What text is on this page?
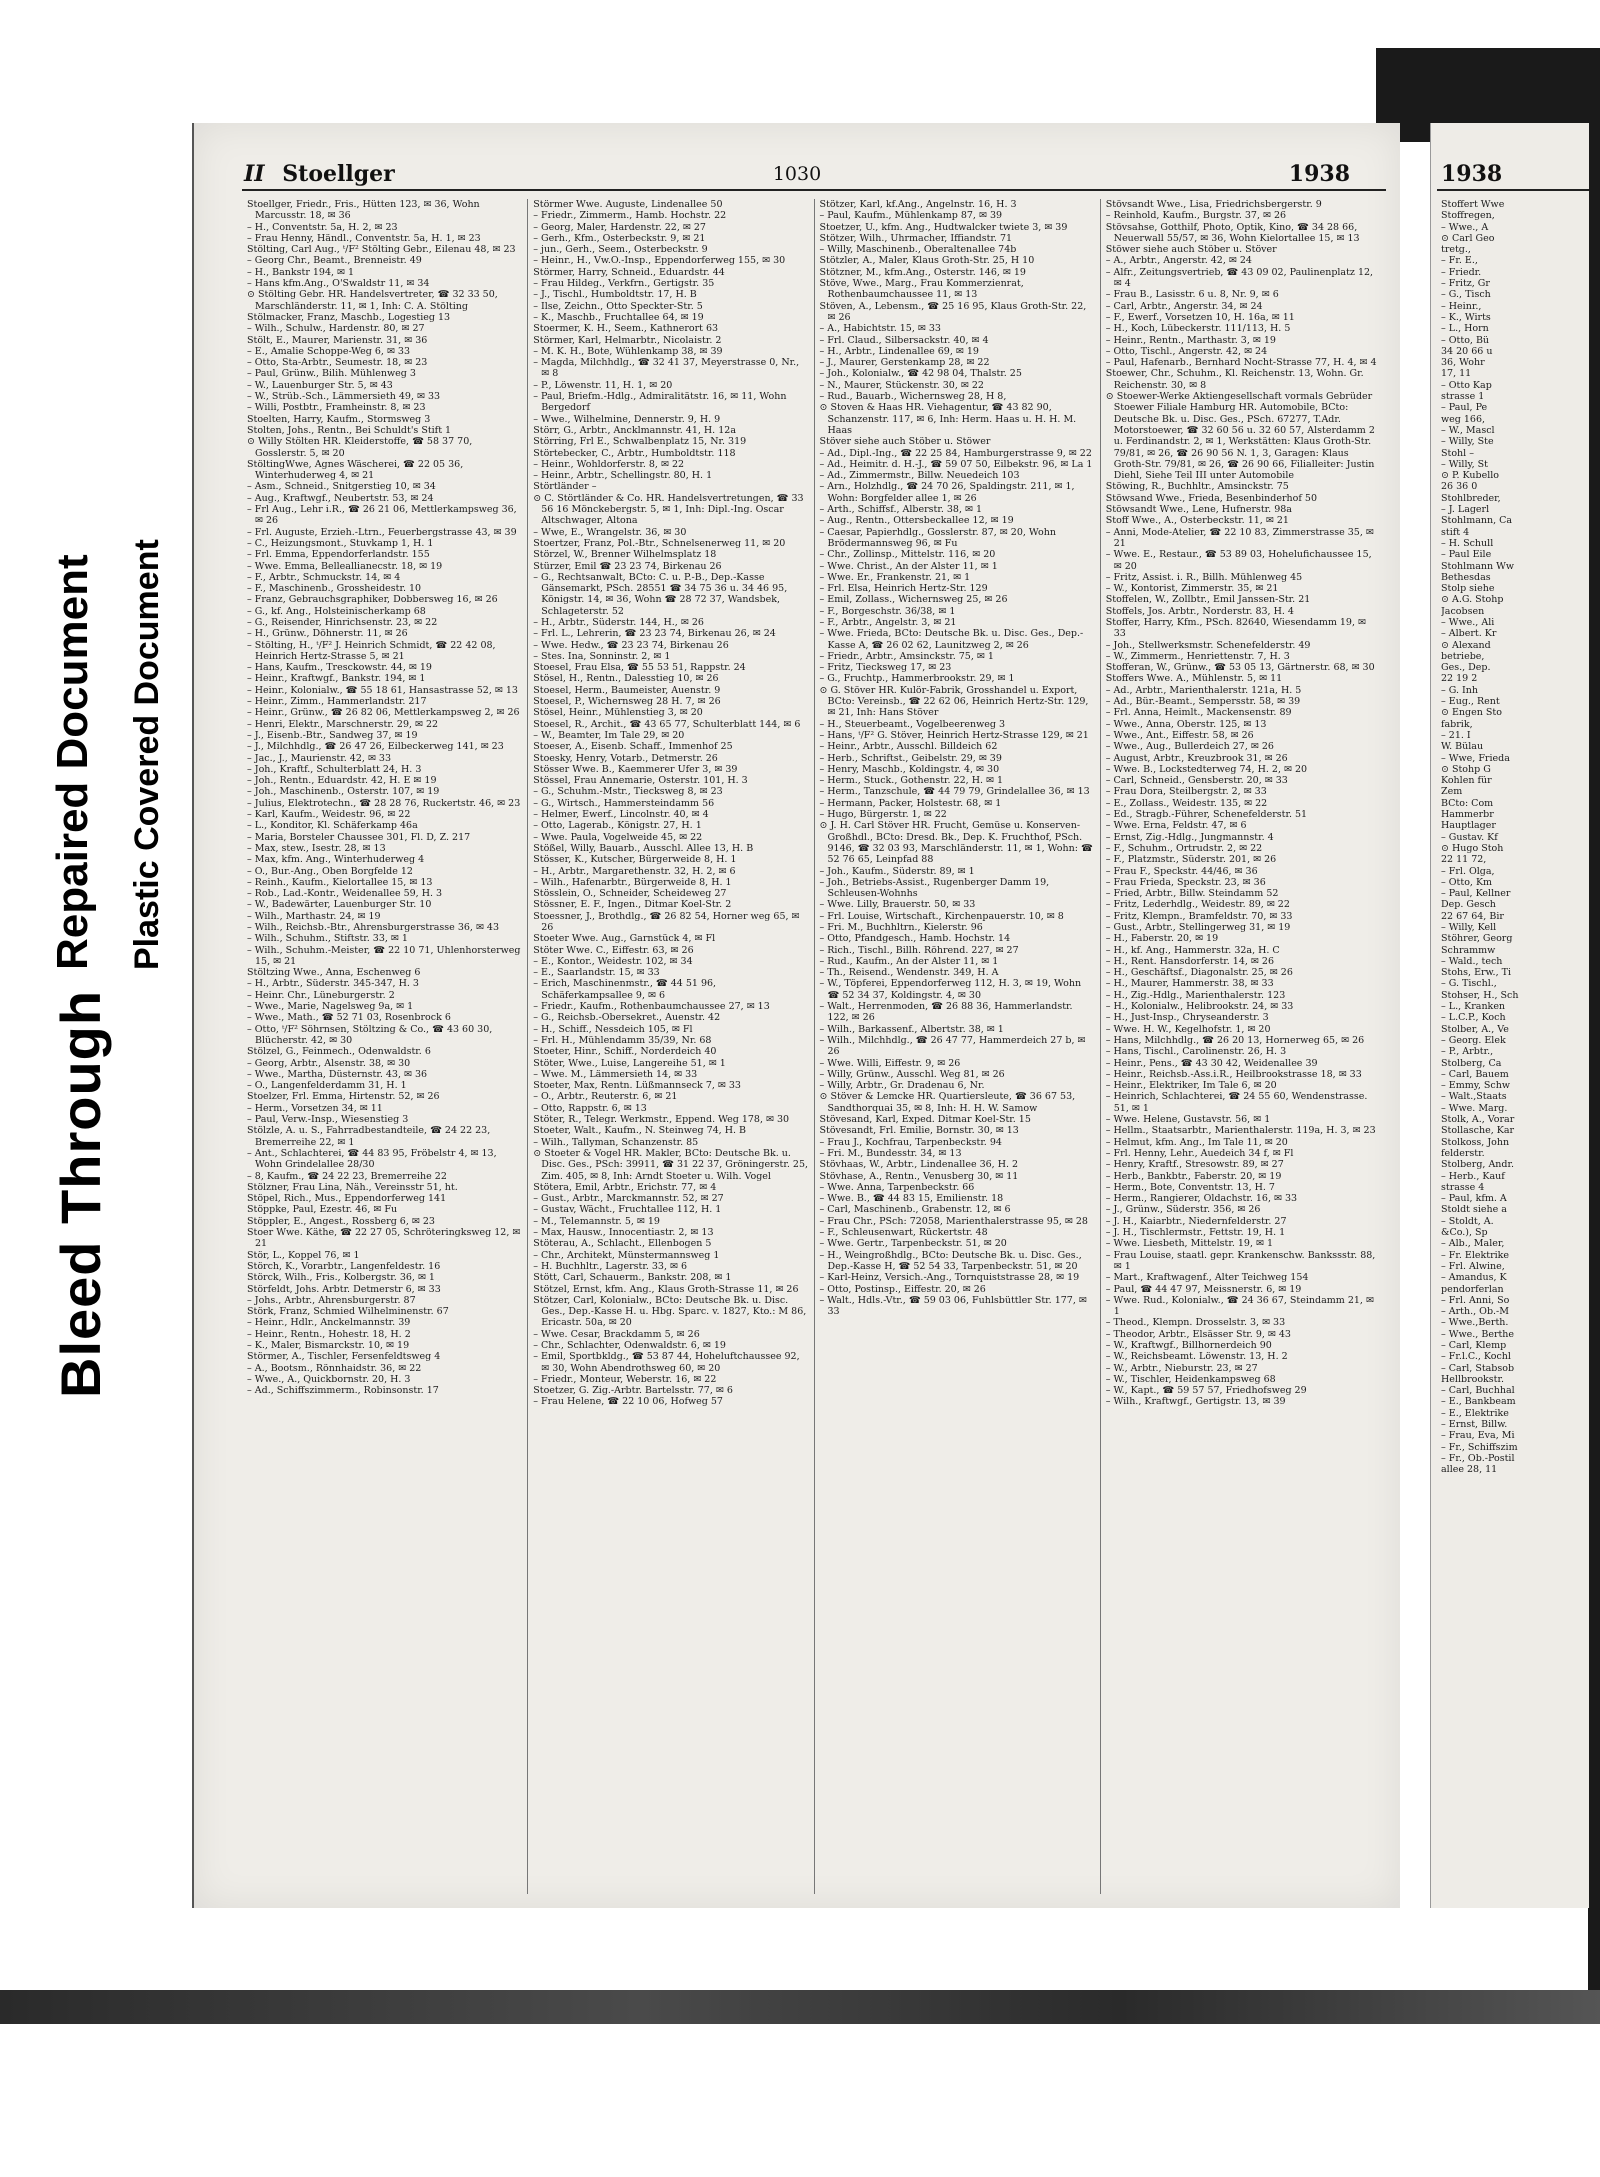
Bleed Through
Repaired Document Plastic Covered Document
II Stoellger	1030	1938

Stoellger, Friedr., Fris., Hütten 123, ✉ 36, Wohn Marcusstr. 18, ✉ 36

– H., Conventstr. 5a, H. 2, ✉ 23

– Frau Henny, Händl., Conventstr. 5a, H. 1, ✉ 23

Stölting, Carl Aug., ᵗ/F² Stölting Gebr., Eilenau 48, ✉ 23

– Georg Chr., Beamt., Brenneistr. 49

– H., Bankstr 194, ✉ 1

– Hans kfm.Ang., O'Swaldstr 11, ✉ 34

⊙ Stölting Gebr. HR. Handelsvertreter, ☎ 32 33 50, Marschländerstr. 11, ✉ 1, Inh: C. A. Stölting

Stölmacker, Franz, Maschb., Logestieg 13

– Wilh., Schulw., Hardenstr. 80, ✉ 27

Stölt, E., Maurer, Marienstr. 31, ✉ 36

– E., Amalie Schoppe-Weg 6, ✉ 33

– Otto, Sta-Arbtr., Seumestr. 18, ✉ 23

– Paul, Grünw., Bilih. Mühlenweg 3

– W., Lauenburger Str. 5, ✉ 43

– W., Strüb.-Sch., Lämmersieth 49, ✉ 33

– Willi, Postbtr., Framheinstr. 8, ✉ 23

Stoelten, Harry, Kaufm., Stormsweg 3

Stolten, Johs., Rentn., Bei Schuldt's Stift 1

⊙ Willy Stölten HR. Kleiderstoffe, ☎ 58 37 70, Gosslerstr. 5, ✉ 20

StöltingWwe, Agnes Wäscherei, ☎ 22 05 36, Winterhuderweg 4, ✉ 21

– Asm., Schneid., Snitgerstieg 10, ✉ 34

– Aug., Kraftwgf., Neubertstr. 53, ✉ 24

– Frl Aug., Lehr i.R., ☎ 26 21 06, Mettlerkampsweg 36, ✉ 26

– Frl. Auguste, Erzieh.-Ltrn., Feuerbergstrasse 43, ✉ 39

– C., Heizungsmont., Stuvkamp 1, H. 1

– Frl. Emma, Eppendorferlandstr. 155

– Wwe. Emma, Belleallianecstr. 18, ✉ 19

– F., Arbtr., Schmuckstr. 14, ✉ 4

– F., Maschinenb., Grossheidestr. 10

– Franz, Gebrauchsgraphiker, Dobbersweg 16, ✉ 26

– G., kf. Ang., Holsteinischerkamp 68

– G., Reisender, Hinrichsenstr. 23, ✉ 22

– H., Grünw., Döhnerstr. 11, ✉ 26

– Stölting, H., ᵗ/F² J. Heinrich Schmidt, ☎ 22 42 08, Heinrich Hertz-Strasse 5, ✉ 21

– Hans, Kaufm., Tresckowstr. 44, ✉ 19

– Heinr., Kraftwgf., Bankstr. 194, ✉ 1

– Heinr., Kolonialw., ☎ 55 18 61, Hansastrasse 52, ✉ 13

– Heinr., Zimm., Hammerlandstr. 217

– Heinr., Grünw., ☎ 26 82 06, Mettlerkampsweg 2, ✉ 26

– Henri, Elektr., Marschnerstr. 29, ✉ 22

– J., Eisenb.-Btr., Sandweg 37, ✉ 19

– J., Milchhdlg., ☎ 26 47 26, Eilbeckerweg 141, ✉ 23

– Jac., J., Maurienstr. 42, ✉ 33

– Joh., Kraftf., Schulterblatt 24, H. 3

– Joh., Rentn., Eduardstr. 42, H. E ✉ 19

– Joh., Maschinenb., Osterstr. 107, ✉ 19

– Julius, Elektrotechn., ☎ 28 28 76, Ruckertstr. 46, ✉ 23

– Karl, Kaufm., Weidestr. 96, ✉ 22

– L., Konditor, Kl. Schäferkamp 46a

– Maria, Borsteler Chaussee 301, Fl. D, Z. 217

– Max, stew., Isestr. 28, ✉ 13

– Max, kfm. Ang., Winterhuderweg 4

– O., Bur.-Ang., Oben Borgfelde 12

– Reinh., Kaufm., Kielortallee 15, ✉ 13

– Rob., Lad.-Kontr., Weidenallee 59, H. 3

– W., Badewärter, Lauenburger Str. 10

– Wilh., Marthastr. 24, ✉ 19

– Wilh., Reichsb.-Btr., Ahrensburgerstrasse 36, ✉ 43

– Wilh., Schuhm., Stiftstr. 33, ✉ 1

– Wilh., Schuhm.-Meister, ☎ 22 10 71, Uhlenhorsterweg 15, ✉ 21

Stöltzing Wwe., Anna, Eschenweg 6

– H., Arbtr., Süderstr. 345-347, H. 3

– Heinr. Chr., Lüneburgerstr. 2

– Wwe., Marie, Nagelsweg 9a, ✉ 1

– Wwe., Math., ☎ 52 71 03, Rosenbrock 6

– Otto, ᵗ/F² Söhrnsen, Stöltzing & Co., ☎ 43 60 30, Blücherstr. 42, ✉ 30

Stölzel, G., Feinmech., Odenwaldstr. 6

– Georg, Arbtr., Alsenstr. 38, ✉ 30

– Wwe., Martha, Düsternstr. 43, ✉ 36

– O., Langenfelderdamm 31, H. 1

Stoelzer, Frl. Emma, Hirtenstr. 52, ✉ 26

– Herm., Vorsetzen 34, ✉ 11

– Paul, Verw.-Insp., Wiesenstieg 3

Stölzle, A. u. S., Fahrradbestandteile, ☎ 24 22 23, Bremerreihe 22, ✉ 1

– Ant., Schlachterei, ☎ 44 83 95, Fröbelstr 4, ✉ 13, Wohn Grindelallee 28/30

– 8, Kaufm., ☎ 24 22 23, Bremerreihe 22

Stölzner, Frau Lina, Näh., Vereinsstr 51, ht.

Stöpel, Rich., Mus., Eppendorferweg 141

Stöppke, Paul, Ezestr. 46, ✉ Fu

Stöppler, E., Angest., Rossberg 6, ✉ 23

Stoer Wwe. Käthe, ☎ 22 27 05, Schröteringksweg 12, ✉ 21

Stör, L., Koppel 76, ✉ 1

Störch, K., Vorarbtr., Langenfeldestr. 16

Störck, Wilh., Fris., Kolbergstr. 36, ✉ 1

Störfeldt, Johs. Arbtr. Detmerstr 6, ✉ 33

– Johs., Arbtr., Ahrensburgerstr. 87

Störk, Franz, Schmied Wilhelminenstr. 67

– Heinr., Hdlr., Anckelmannstr. 39

– Heinr., Rentn., Hohestr. 18, H. 2

– K., Maler, Bismarckstr. 10, ✉ 19

Störmer, A., Tischler, Fersenfeldtsweg 4

– A., Bootsm., Rönnhaidstr. 36, ✉ 22

– Wwe., A., Quickbornstr. 20, H. 3

– Ad., Schiffszimmerm., Robinsonstr. 17

Störmer Wwe. Auguste, Lindenallee 50

– Friedr., Zimmerm., Hamb. Hochstr. 22

– Georg, Maler, Hardenstr. 22, ✉ 27

– Gerh., Kfm., Osterbeckstr. 9, ✉ 21

– jun., Gerh., Seem., Osterbeckstr. 9

– Heinr., H., Vw.O.-Insp., Eppendorferweg 155, ✉ 30

Störmer, Harry, Schneid., Eduardstr. 44

– Frau Hildeg., Verkfrn., Gertigstr. 35

– J., Tischl., Humboldtstr. 17, H. B

– Ilse, Zeichn., Otto Speckter-Str. 5

– K., Maschb., Fruchtallee 64, ✉ 19

Stoermer, K. H., Seem., Kathnerort 63

Störmer, Karl, Helmarbtr., Nicolaistr. 2

– M. K. H., Bote, Wühlenkamp 38, ✉ 39

– Magda, Milchhdlg., ☎ 32 41 37, Meyerstrasse 0, Nr., ✉ 8

– P., Löwenstr. 11, H. 1, ✉ 20

– Paul, Briefm.-Hdlg., Admiralitätstr. 16, ✉ 11, Wohn Bergedorf

– Wwe., Wilhelmine, Dennerstr. 9, H. 9

Störr, G., Arbtr., Ancklmannstr. 41, H. 12a

Störring, Frl E., Schwalbenplatz 15, Nr. 319

Störtebecker, C., Arbtr., Humboldtstr. 118

– Heinr., Wohldorferstr. 8, ✉ 22

– Heinr., Arbtr., Schellingstr. 80, H. 1

Störtländer –

⊙ C. Störtländer & Co. HR. Handelsvertretungen, ☎ 33 56 16 Mönckebergstr. 5, ✉ 1, Inh: Dipl.-Ing. Oscar Altschwager, Altona

– Wwe, E., Wrangelstr. 36, ✉ 30

Stoertzer, Franz, Pol.-Btr., Schnelsenerweg 11, ✉ 20

Störzel, W., Brenner Wilhelmsplatz 18

Stürzer, Emil ☎ 23 23 74, Birkenau 26

– G., Rechtsanwalt, BCto: C. u. P.-B., Dep.-Kasse Gänsemarkt, PSch. 28551 ☎ 34 75 36 u. 34 46 95, Königstr. 14, ✉ 36, Wohn ☎ 28 72 37, Wandsbek, Schlageterstr. 52

– H., Arbtr., Süderstr. 144, H., ✉ 26

– Frl. L., Lehrerin, ☎ 23 23 74, Birkenau 26, ✉ 24

– Wwe. Hedw., ☎ 23 23 74, Birkenau 26

– Stes. Ina, Sonninstr. 2, ✉ 1

Stoesel, Frau Elsa, ☎ 55 53 51, Rappstr. 24

Stösel, H., Rentn., Dalesstieg 10, ✉ 26

Stoesel, Herm., Baumeister, Auenstr. 9

Stoesel, P., Wichernsweg 28 H. 7, ✉ 26

Stösel, Heinr., Mühlenstieg 3, ✉ 20

Stoesel, R., Archit., ☎ 43 65 77, Schulterblatt 144, ✉ 6

– W., Beamter, Im Tale 29, ✉ 20

Stoeser, A., Eisenb. Schaff., Immenhof 25

Stoesky, Henry, Votarb., Detmerstr. 26

Stösser Wwe. B., Kaemmerer Ufer 3, ✉ 39

Stössel, Frau Annemarie, Osterstr. 101, H. 3

– G., Schuhm.-Mstr., Tiecksweg 8, ✉ 23

– G., Wirtsch., Hammersteindamm 56

– Helmer, Ewerf., Lincolnstr. 40, ✉ 4

– Otto, Lagerab., Königstr. 27, H. 1

– Wwe. Paula, Vogelweide 45, ✉ 22

Stößel, Willy, Bauarb., Ausschl. Allee 13, H. B

Stösser, K., Kutscher, Bürgerweide 8, H. 1

– H., Arbtr., Margarethenstr. 32, H. 2, ✉ 6

– Wilh., Hafenarbtr., Bürgerweide 8, H. 1

Stösslein, O., Schneider, Scheideweg 27

Stössner, E. F., Ingen., Ditmar Koel-Str. 2

Stoessner, J., Brothdlg., ☎ 26 82 54, Horner weg 65, ✉ 26

Stoeter Wwe. Aug., Garnstück 4, ✉ Fl

Stöter Wwe. C., Eiffestr. 63, ✉ 26

– E., Kontor., Weidestr. 102, ✉ 34

– E., Saarlandstr. 15, ✉ 33

– Erich, Maschinenmstr., ☎ 44 51 96, Schäferkampsallee 9, ✉ 6

– Friedr., Kaufm., Rothenbaumchaussee 27, ✉ 13

– G., Reichsb.-Obersekret., Auenstr. 42

– H., Schiff., Nessdeich 105, ✉ Fl

– Frl. H., Mühlendamm 35/39, Nr. 68

Stoeter, Hinr., Schiff., Norderdeich 40

Stöter, Wwe., Luise, Langereihe 51, ✉ 1

– Wwe. M., Lämmersieth 14, ✉ 33

Stoeter, Max, Rentn. Lüßmannseck 7, ✉ 33

– O., Arbtr., Reuterstr. 6, ✉ 21

– Otto, Rappstr. 6, ✉ 13

Stöter, R., Telegr. Werkmstr., Eppend. Weg 178, ✉ 30

Stoeter, Walt., Kaufm., N. Steinweg 74, H. B

– Wilh., Tallyman, Schanzenstr. 85

⊙ Stoeter & Vogel HR. Makler, BCto: Deutsche Bk. u. Disc. Ges., PSch: 39911, ☎ 31 22 37, Gröningerstr. 25, Zim. 405, ✉ 8, Inh: Arndt Stoeter u. Wilh. Vogel

Stötera, Emil, Arbtr., Erichstr. 77, ✉ 4

– Gust., Arbtr., Marckmannstr. 52, ✉ 27

– Gustav, Wächt., Fruchtallee 112, H. 1

– M., Telemannstr. 5, ✉ 19

– Max, Hausw., Innocentiastr. 2, ✉ 13

Stöterau, A., Schlacht., Ellenbogen 5

– Chr., Architekt, Münstermannsweg 1

– H. Buchhltr., Lagerstr. 33, ✉ 6

Stött, Carl, Schauerm., Bankstr. 208, ✉ 1

Stötzel, Ernst, kfm. Ang., Klaus Groth-Strasse 11, ✉ 26

Stötzer, Carl, Kolonialw., BCto: Deutsche Bk. u. Disc. Ges., Dep.-Kasse H. u. Hbg. Sparc. v. 1827, Kto.: M 86, Ericastr. 50a, ✉ 20

– Wwe. Cesar, Brackdamm 5, ✉ 26

– Chr., Schlachter, Odenwaldstr. 6, ✉ 19

– Emil, Sportbkldg., ☎ 53 87 44, Hoheluftchaussee 92, ✉ 30, Wohn Abendrothsweg 60, ✉ 20

– Friedr., Monteur, Weberstr. 16, ✉ 22

Stoetzer, G. Zig.-Arbtr. Bartelsstr. 77, ✉ 6

– Frau Helene, ☎ 22 10 06, Hofweg 57

Stötzer, Karl, kf.Ang., Angelnstr. 16, H. 3

– Paul, Kaufm., Mühlenkamp 87, ✉ 39

Stoetzer, U., kfm. Ang., Hudtwalcker twiete 3, ✉ 39

Stötzer, Wilh., Uhrmacher, Iffiandstr. 71

– Willy, Maschinenb., Oberaltenallee 74b

Stötzler, A., Maler, Klaus Groth-Str. 25, H 10

Stötzner, M., kfm.Ang., Osterstr. 146, ✉ 19

Stöve, Wwe., Marg., Frau Kommerzienrat, Rothenbaumchaussee 11, ✉ 13

Stöven, A., Lebensm., ☎ 25 16 95, Klaus Groth-Str. 22, ✉ 26

– A., Habichtstr. 15, ✉ 33

– Frl. Claud., Silbersackstr. 40, ✉ 4

– H., Arbtr., Lindenallee 69, ✉ 19

– J., Maurer, Gerstenkamp 28, ✉ 22

– Joh., Kolonialw., ☎ 42 98 04, Thalstr. 25

– N., Maurer, Stückenstr. 30, ✉ 22

– Rud., Bauarb., Wichernsweg 28, H 8,

⊙ Stoven & Haas HR. Viehagentur, ☎ 43 82 90, Schanzenstr. 117, ✉ 6, Inh: Herm. Haas u. H. H. M. Haas

Stöver siehe auch Stöber u. Stöwer

– Ad., Dipl.-Ing., ☎ 22 25 84, Hamburgerstrasse 9, ✉ 22

– Ad., Heimitr. d. H.-J., ☎ 59 07 50, Eilbekstr. 96, ✉ La 1

– Ad., Zimmermstr., Billw. Neuedeich 103

– Arn., Holzhdlg., ☎ 24 70 26, Spaldingstr. 211, ✉ 1, Wohn: Borgfelder allee 1, ✉ 26

– Arth., Schiffsf., Alberstr. 38, ✉ 1

– Aug., Rentn., Ottersbeckallee 12, ✉ 19

– Caesar, Papierhdlg., Gosslerstr. 87, ✉ 20, Wohn Brödermannsweg 96, ✉ Fu

– Chr., Zollinsp., Mittelstr. 116, ✉ 20

– Wwe. Christ., An der Alster 11, ✉ 1

– Wwe. Er., Frankenstr. 21, ✉ 1

– Frl. Elsa, Heinrich Hertz-Str. 129

– Emil, Zollass., Wichernsweg 25, ✉ 26

– F., Borgeschstr. 36/38, ✉ 1

– F., Arbtr., Angelstr. 3, ✉ 21

– Wwe. Frieda, BCto: Deutsche Bk. u. Disc. Ges., Dep.-Kasse A, ☎ 26 02 62, Launitzweg 2, ✉ 26

– Friedr., Arbtr., Amsinckstr. 75, ✉ 1

– Fritz, Tiecksweg 17, ✉ 23

– G., Fruchtp., Hammerbrookstr. 29, ✉ 1

⊙ G. Stöver HR. Kulör-Fabrik, Grosshandel u. Export, BCto: Vereinsb., ☎ 22 62 06, Heinrich Hertz-Str. 129, ✉ 21, Inh: Hans Stöver

– H., Steuerbeamt., Vogelbeerenweg 3

– Hans, ᵗ/F² G. Stöver, Heinrich Hertz-Strasse 129, ✉ 21

– Heinr., Arbtr., Ausschl. Billdeich 62

– Herb., Schriftst., Geibelstr. 29, ✉ 39

– Henry, Maschb., Koldingstr. 4, ✉ 30

– Herm., Stuck., Gothenstr. 22, H. ✉ 1

– Herm., Tanzschule, ☎ 44 79 79, Grindelallee 36, ✉ 13

– Hermann, Packer, Holstestr. 68, ✉ 1

– Hugo, Bürgerstr. 1, ✉ 22

⊙ J. H. Carl Stöver HR. Frucht, Gemüse u. Konserven-Großhdl., BCto: Dresd. Bk., Dep. K. Fruchthof, PSch. 9146, ☎ 32 03 93, Marschländerstr. 11, ✉ 1, Wohn: ☎ 52 76 65, Leinpfad 88

– Joh., Kaufm., Süderstr. 89, ✉ 1

– Joh., Betriebs-Assist., Rugenberger Damm 19, Schleusen-Wohnhs

– Wwe. Lilly, Brauerstr. 50, ✉ 33

– Frl. Louise, Wirtschaft., Kirchenpauerstr. 10, ✉ 8

– Fri. M., Buchhltrn., Kielerstr. 96

– Otto, Pfandgesch., Hamb. Hochstr. 14

– Rich., Tischl., Billh. Röhrend. 227, ✉ 27

– Rud., Kaufm., An der Alster 11, ✉ 1

– Th., Reisend., Wendenstr. 349, H. A

– W., Töpferei, Eppendorferweg 112, H. 3, ✉ 19, Wohn ☎ 52 34 37, Koldingstr. 4, ✉ 30

– Walt., Herrenmoden, ☎ 26 88 36, Hammerlandstr. 122, ✉ 26

– Wilh., Barkassenf., Albertstr. 38, ✉ 1

– Wilh., Milchhdlg., ☎ 26 47 77, Hammerdeich 27 b, ✉ 26

– Wwe. Willi, Eiffestr. 9, ✉ 26

– Willy, Grünw., Ausschl. Weg 81, ✉ 26

– Willy, Arbtr., Gr. Dradenau 6, Nr.

⊙ Stöver & Lemcke HR. Quartiersleute, ☎ 36 67 53, Sandthorquai 35, ✉ 8, Inh: H. H. W. Samow

Stövesand, Karl, Exped. Ditmar Koel-Str. 15

Stövesandt, Frl. Emilie, Bornstr. 30, ✉ 13

– Frau J., Kochfrau, Tarpenbeckstr. 94

– Fri. M., Bundesstr. 34, ✉ 13

Stövhaas, W., Arbtr., Lindenallee 36, H. 2

Stövhase, A., Rentn., Venusberg 30, ✉ 11

– Wwe. Anna, Tarpenbeckstr. 66

– Wwe. B., ☎ 44 83 15, Emilienstr. 18

– Carl, Maschinenb., Grabenstr. 12, ✉ 6

– Frau Chr., PSch: 72058, Marienthalerstrasse 95, ✉ 28

– F., Schleusenwart, Rückertstr. 48

– Wwe. Gertr., Tarpenbeckstr. 51, ✉ 20

– H., Weingroßhdlg., BCto: Deutsche Bk. u. Disc. Ges., Dep.-Kasse H, ☎ 52 54 33, Tarpenbeckstr. 51, ✉ 20

– Karl-Heinz, Versich.-Ang., Tornquiststrasse 28, ✉ 19

– Otto, Postinsp., Eiffestr. 20, ✉ 26

– Walt., Hdls.-Vtr., ☎ 59 03 06, Fuhlsbüttler Str. 177, ✉ 33

Stövsandt Wwe., Lisa, Friedrichsbergerstr. 9

– Reinhold, Kaufm., Burgstr. 37, ✉ 26

Stövsahse, Gotthilf, Photo, Optik, Kino, ☎ 34 28 66, Neuerwall 55/57, ✉ 36, Wohn Kielortallee 15, ✉ 13

Stöwer siehe auch Stöber u. Stöver

– A., Arbtr., Angerstr. 42, ✉ 24

– Alfr., Zeitungsvertrieb, ☎ 43 09 02, Paulinenplatz 12, ✉ 4

– Frau B., Lasisstr. 6 u. 8, Nr. 9, ✉ 6

– Carl, Arbtr., Angerstr. 34, ✉ 24

– F., Ewerf., Vorsetzen 10, H. 16a, ✉ 11

– H., Koch, Lübeckerstr. 111/113, H. 5

– Heinr., Rentn., Marthastr. 3, ✉ 19

– Otto, Tischl., Angerstr. 42, ✉ 24

– Paul, Hafenarb., Bernhard Nocht-Strasse 77, H. 4, ✉ 4

Stoewer, Chr., Schuhm., Kl. Reichenstr. 13, Wohn. Gr. Reichenstr. 30, ✉ 8

⊙ Stoewer-Werke Aktiengesellschaft vormals Gebrüder Stoewer Filiale Hamburg HR. Automobile, BCto: Deutsche Bk. u. Disc. Ges., PSch. 67277, T.Adr. Motorstoewer, ☎ 32 60 56 u. 32 60 57, Alsterdamm 2 u. Ferdinandstr. 2, ✉ 1, Werkstätten: Klaus Groth-Str. 79/81, ✉ 26, ☎ 26 90 56 N. 1, 3, Garagen: Klaus Groth-Str. 79/81, ✉ 26, ☎ 26 90 66, Filialleiter: Justin Diehl, Siehe Teil III unter Automobile

Stöwing, R., Buchhltr., Amsinckstr. 75

Stöwsand Wwe., Frieda, Besenbinderhof 50

Stöwsandt Wwe., Lene, Hufnerstr. 98a

Stoff Wwe., A., Osterbeckstr. 11, ✉ 21

– Anni, Mode-Atelier, ☎ 22 10 83, Zimmerstrasse 35, ✉ 21

– Wwe. E., Restaur., ☎ 53 89 03, Hohelufichaussee 15, ✉ 20

– Fritz, Assist. i. R., Billh. Mühlenweg 45

– W., Kontorist, Zimmerstr. 35, ✉ 21

Stoffelen, W., Zollbtr., Emil Janssen-Str. 21

Stoffels, Jos. Arbtr., Norderstr. 83, H. 4

Stoffer, Harry, Kfm., PSch. 82640, Wiesendamm 19, ✉ 33

– Joh., Stellwerksmstr. Schenefelderstr. 49

– W., Zimmerm., Henriettenstr. 7, H. 3

Stofferan, W., Grünw., ☎ 53 05 13, Gärtnerstr. 68, ✉ 30

Stoffers Wwe. A., Mühlenstr. 5, ✉ 11

– Ad., Arbtr., Marienthalerstr. 121a, H. 5

– Ad., Bür.-Beamt., Sempersstr. 58, ✉ 39

– Frl. Anna, Heimlt., Mackensenstr. 89

– Wwe., Anna, Oberstr. 125, ✉ 13

– Wwe., Ant., Eiffestr. 58, ✉ 26

– Wwe., Aug., Bullerdeich 27, ✉ 26

– August, Arbtr., Kreuzbrook 31, ✉ 26

– Wwe. B., Lockstedterweg 74, H. 2, ✉ 20

– Carl, Schneid., Gensberstr. 20, ✉ 33

– Frau Dora, Steilbergstr. 2, ✉ 33

– E., Zollass., Weidestr. 135, ✉ 22

– Ed., Stragb.-Führer, Schenefelderstr. 51

– Wwe. Erna, Feldstr. 47, ✉ 6

– Ernst, Zig.-Hdlg., Jungmannstr. 4

– F., Schuhm., Ortrudstr. 2, ✉ 22

– F., Platzmstr., Süderstr. 201, ✉ 26

– Frau F., Speckstr. 44/46, ✉ 36

– Frau Frieda, Speckstr. 23, ✉ 36

– Fried, Arbtr., Billw. Steindamm 52

– Fritz, Lederhdlg., Weidestr. 89, ✉ 22

– Fritz, Klempn., Bramfeldstr. 70, ✉ 33

– Gust., Arbtr., Stellingerweg 31, ✉ 19

– H., Faberstr. 20, ✉ 19

– H., kf. Ang., Hammerstr. 32a, H. C

– H., Rent. Hansdorferstr. 14, ✉ 26

– H., Geschäftsf., Diagonalstr. 25, ✉ 26

– H., Maurer, Hammerstr. 38, ✉ 33

– H., Zig.-Hdlg., Marienthalerstr. 123

– H., Kolonialw., Helibrookstr. 24, ✉ 33

– H., Just-Insp., Chryseanderstr. 3

– Wwe. H. W., Kegelhofstr. 1, ✉ 20

– Hans, Milchhdlg., ☎ 26 20 13, Hornerweg 65, ✉ 26

– Hans, Tischl., Carolinenstr. 26, H. 3

– Heinr., Pens., ☎ 43 30 42, Weidenallee 39

– Heinr., Reichsb.-Ass.i.R., Heilbrookstrasse 18, ✉ 33

– Heinr., Elektriker, Im Tale 6, ✉ 20

– Heinrich, Schlachterei, ☎ 24 55 60, Wendenstrasse. 51, ✉ 1

– Wwe. Helene, Gustavstr. 56, ✉ 1

– Hellm., Staatsarbtr., Marienthalerstr. 119a, H. 3, ✉ 23

– Helmut, kfm. Ang., Im Tale 11, ✉ 20

– Frl. Henny, Lehr., Auedeich 34 f, ✉ Fl

– Henry, Kraftf., Stresowstr. 89, ✉ 27

– Herb., Bankbtr., Faberstr. 20, ✉ 19

– Herm., Bote, Conventstr. 13, H. 7

– Herm., Rangierer, Oldachstr. 16, ✉ 33

– J., Grünw., Süderstr. 356, ✉ 26

– J. H., Kaiarbtr., Niedernfelderstr. 27

– J. H., Tischlermstr., Fettstr. 19, H. 1

– Wwe. Liesbeth, Mittelstr. 19, ✉ 1

– Frau Louise, staatl. gepr. Krankenschw. Bankssstr. 88, ✉ 1

– Mart., Kraftwagenf., Alter Teichweg 154

– Paul, ☎ 44 47 97, Meissnerstr. 6, ✉ 19

– Wwe. Rud., Kolonialw., ☎ 24 36 67, Steindamm 21, ✉ 1

– Theod., Klempn. Drosselstr. 3, ✉ 33

– Theodor, Arbtr., Elsässer Str. 9, ✉ 43

– W., Kraftwgf., Billhornerdeich 90

– W., Reichsbeamt. Löwenstr. 13, H. 2

– W., Arbtr., Nieburstr. 23, ✉ 27

– W., Tischler, Heidenkampsweg 68

– W., Kapt., ☎ 59 57 57, Friedhofsweg 29

– Wilh., Kraftwgf., Gertigstr. 13, ✉ 39

1938

Stoffert Wwe

Stoffregen,

– Wwe., A

⊙ Carl Geo

tretg.,

– Fr. E.,

– Friedr.

– Fritz, Gr

– G., Tisch

– Heinr.,

– K., Wirts

– L., Horn

– Otto, Bü

34 20 66 u

36, Wohr

17, 11

– Otto Kap

strasse 1

– Paul, Pe

weg 166,

– W., Mascl

– Willy, Ste

Stohl –

– Willy, St

⊙ P. Kubello

26 36 0

Stohlbreder,

– J. Lagerl

Stohlmann, Ca

stift 4

– H. Schull

– Paul Eile

Stohlmann Ww

Bethesdas

Stolp siehe

⊙ A.G. Stohp

Jacobsen

– Wwe., Ali

– Albert. Kr

⊙ Alexand

betriebe,

Ges., Dep.

22 19 2

– G. Inh

– Eug., Rent

⊙ Engen Sto

fabrik,

– 21. I

W. Bülau

– Wwe, Frieda

⊙ Stohp G

Kohlen für

Zem

BCto: Com

Hammerbr

Hauptlager

– Gustav. Kf

⊙ Hugo Stoh

22 11 72,

– Frl. Olga,

– Otto, Km

– Paul, Kellner

Dep. Gesch

22 67 64, Bir

– Willy, Kell

Stöhrer, Georg

Schrammw

– Wald., tech

Stohs, Erw., Ti

– G. Tischl.,

Stohser, H., Sch

– L., Kranken

– L.C.P., Koch

Stolber, A., Ve

– Georg. Elek

– P., Arbtr.,

Stolberg, Ca

– Carl, Bauem

– Emmy, Schw

– Walt.,Staats

– Wwe. Marg.

Stolk, A., Vorar

Stollasche, Kar

Stolkoss, John

felderstr.

Stolberg, Andr.

– Herb., Kauf

strasse 4

– Paul, kfm. A

Stoldt siehe a

– Stoldt, A.

&Co.), Sp

– Alb., Maler,

– Fr. Elektrike

– Frl. Alwine,

– Amandus, K

pendorferlan

– Frl. Anni, So

– Arth., Ob.-M

– Wwe.,Berth.

– Wwe., Berthe

– Carl, Klemp

– Fr.l.C., Kochl

– Carl, Stabsob

Hellbrookstr.

– Carl, Buchhal

– E., Bankbeam

– E., Elektrike

– Ernst, Billw.

– Frau, Eva, Mi

– Fr., Schiffszim

– Fr., Ob.-Postil

allee 28, 11
